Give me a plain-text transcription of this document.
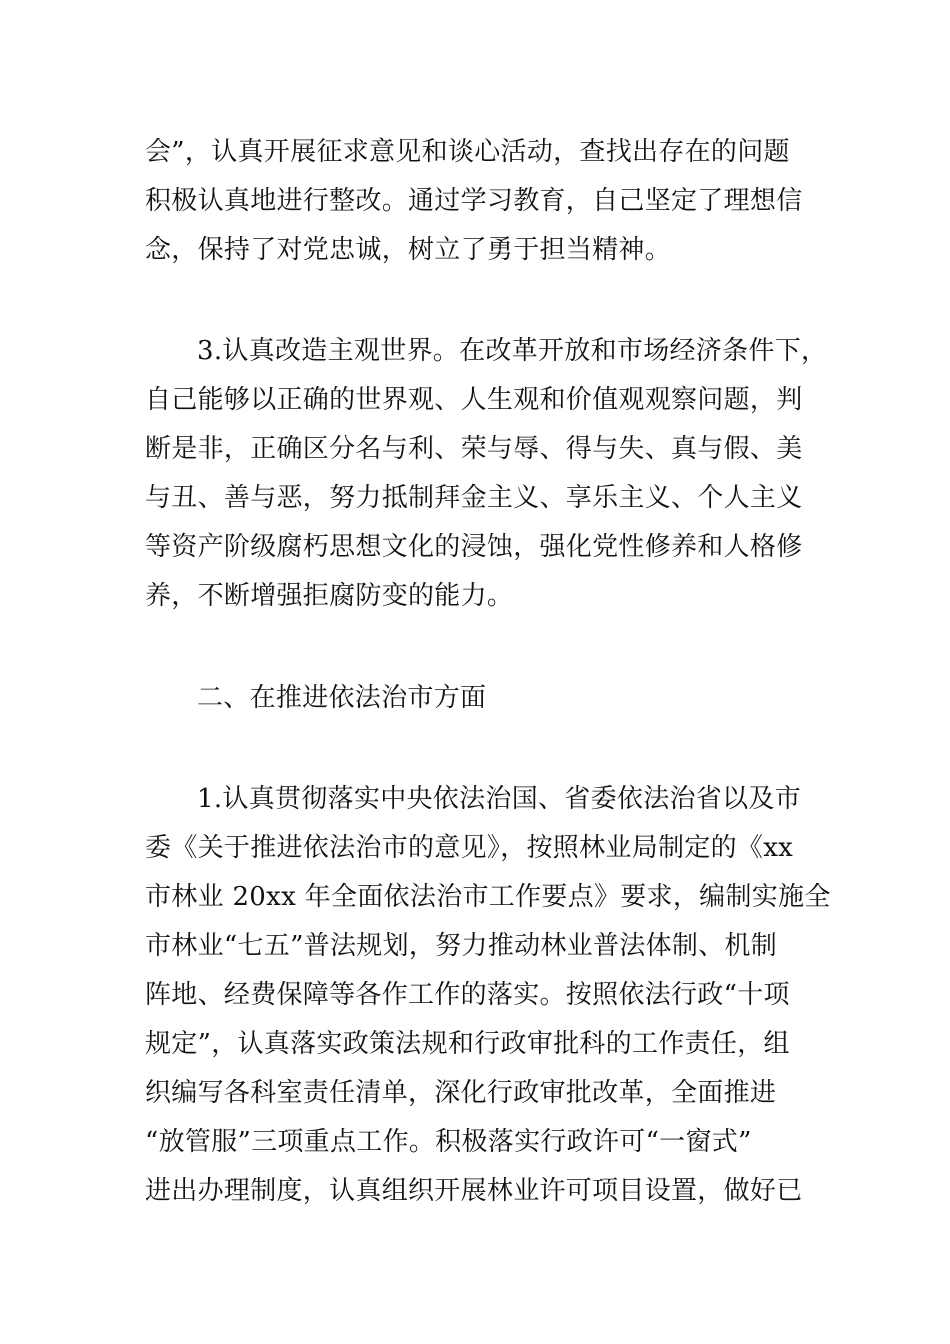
会”，认真开展征求意见和谈心活动，查找出存在的问题
积极认真地进行整改。通过学习教育，自己坚定了理想信
念，保持了对党忠诚，树立了勇于担当精神。
3.认真改造主观世界。在改革开放和市场经济条件下，
自己能够以正确的世界观、人生观和价值观观察问题，判
断是非，正确区分名与利、荣与辱、得与失、真与假、美
与丑、善与恶，努力抵制拜金主义、享乐主义、个人主义
等资产阶级腐朽思想文化的浸蚀，强化党性修养和人格修
养，不断增强拒腐防变的能力。
二、在推进依法治市方面
1.认真贯彻落实中央依法治国、省委依法治省以及市
委《关于推进依法治市的意见》，按照林业局制定的《xx
市林业 20xx 年全面依法治市工作要点》要求，编制实施全
市林业“七五”普法规划，努力推动林业普法体制、机制
阵地、经费保障等各作工作的落实。按照依法行政“十项
规定”，认真落实政策法规和行政审批科的工作责任，组
织编写各科室责任清单，深化行政审批改革，全面推进
“放管服”三项重点工作。积极落实行政许可“一窗式”
进出办理制度，认真组织开展林业许可项目设置，做好已
